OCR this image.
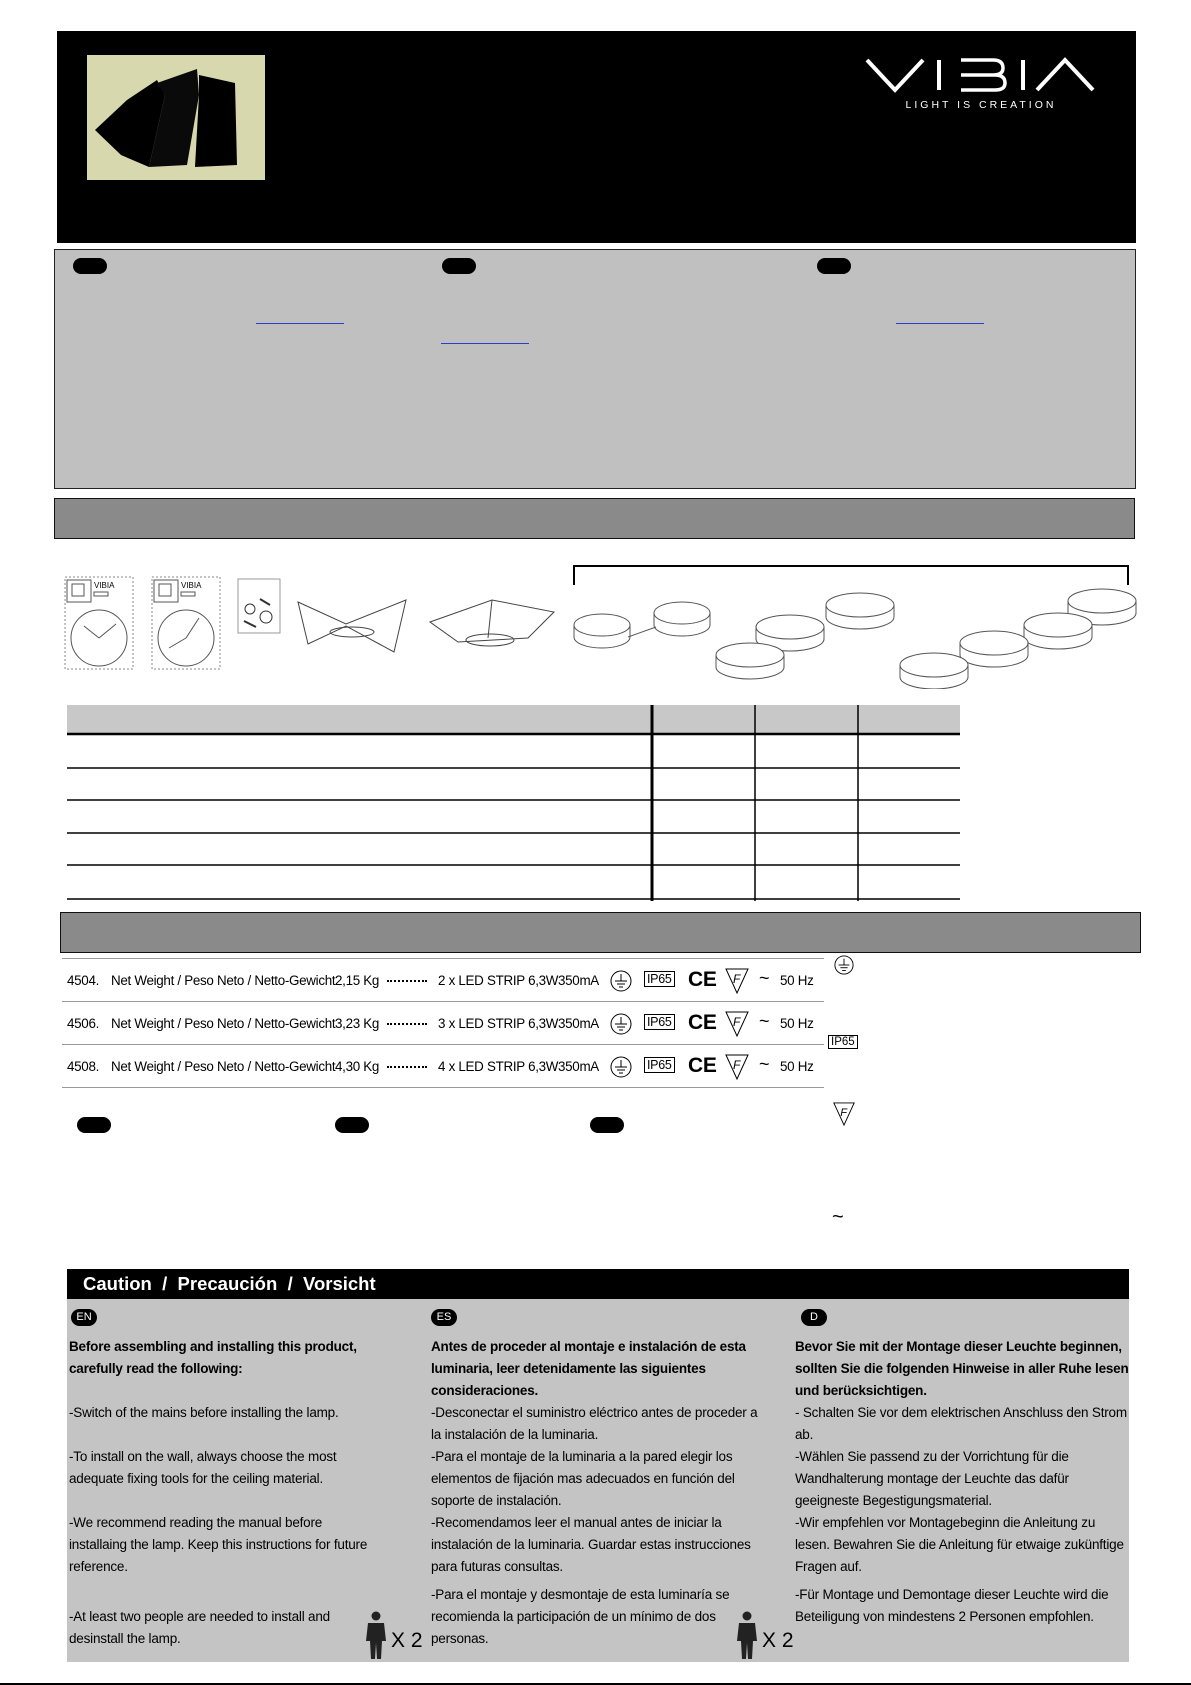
LIGHT IS CREATION
VIBIA	VIBIA
4504. Net Weight / Peso Neto / Netto-Gewicht 2,15 Kg	2 x LED STRIP 6,3W 350mA	IP65 CE F ~ 50 Hz
4506. Net Weight / Peso Neto / Netto-Gewicht 3,23 Kg	3 x LED STRIP 6,3W 350mA	IP65 CE F ~ 50 Hz
4508. Net Weight / Peso Neto / Netto-Gewicht 4,30 Kg	4 x LED STRIP 6,3W 350mA	IP65 CE F ~ 50 Hz
IP65
F
~
Caution  /  Precaución  /  Vorsicht
EN
Before assembling and installing this product, carefully read the following:
-Switch of the mains before installing the lamp.
-To install on the wall, always choose the most adequate fixing tools for the ceiling material.
-We recommend reading the manual before installaing the lamp. Keep this instructions for future reference.
-At least two people are needed to install and desinstall the lamp.	X 2
ES
Antes de proceder al montaje e instalación de esta luminaria, leer detenidamente las siguientes consideraciones.
-Desconectar el suministro eléctrico antes de proceder a la instalación de la luminaria.
-Para el montaje de la luminaria a la pared elegir los elementos de fijación mas adecuados en función del soporte de instalación.
-Recomendamos leer el manual antes de iniciar la instalación de la luminaria. Guardar estas instrucciones para futuras consultas.
-Para el montaje y desmontaje de esta luminaría se recomienda la participación de un mínimo de dos personas.	X 2
D
Bevor Sie mit der Montage dieser Leuchte beginnen, sollten Sie die folgenden Hinweise in aller Ruhe lesen und berücksichtigen.
- Schalten Sie vor dem elektrischen Anschluss den Strom ab.
-Wählen Sie passend zu der Vorrichtung für die Wandhalterung montage der Leuchte das dafür geeigneste Begestigungsmaterial.
-Wir empfehlen vor Montagebeginn die Anleitung zu lesen. Bewahren Sie die Anleitung für etwaige zukünftige Fragen auf.
-Für Montage und Demontage dieser Leuchte wird die Beteiligung von mindestens 2 Personen empfohlen.
